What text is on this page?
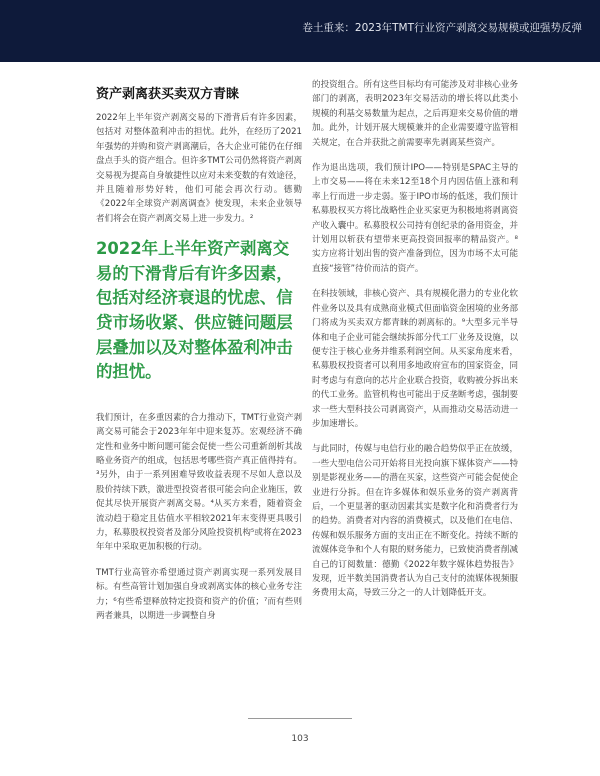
卷土重来：2023年TMT行业资产剥离交易规模或迎强势反弹
资产剥离获买卖双方青睐

2022年上半年资产剥离交易的下滑背后有许多因素，包括对 对整体盈利冲击的担忧。此外，在经历了2021年强势的并购和资产剥离潮后，各大企业可能仍在仔细盘点手头的资产组合。但许多TMT公司仍然将资产剥离交易视为提高自身敏捷性以应对未来变数的有效途径，并且随着形势好转，他们可能会再次行动。德勤《2022年全球资产剥离调查》使发现，未来企业领导者们将会在资产剥离交易上进一步发力。²

2022年上半年资产剥离交易的下滑背后有许多因素，包括对经济衰退的忧虑、信贷市场收紧、供应链问题层层叠加以及对整体盈利冲击的担忧。

我们预计，在多重因素的合力推动下，TMT行业资产剥离交易可能会于2023年年中迎来复苏。宏观经济不确定性和业务中断问题可能会促使一些公司重新剖析其战略业务资产的组成，包括思考哪些资产真正值得持有。³另外，由于一系列困难导致收益表现不尽如人意以及股价持续下跌，激进型投资者很可能会向企业施压，敦促其尽快开展资产剥离交易。⁴从买方来看，随着资金流动趋于稳定且估值水平相较2021年末变得更具吸引力，私募股权投资者及部分风险投资机构⁵或将在2023年年中采取更加积极的行动。

TMT行业高管亦希望通过资产剥离实现一系列发展目标。有些高管计划加强自身或剥离实体的核心业务专注力；⁶有些希望释放特定投资和资产的价值；⁷而有些则两者兼具，以期进一步调整自身

的投资组合。所有这些目标均有可能涉及对非核心业务部门的剥离，表明2023年交易活动的增长将以此类小规模的利基交易数量为起点，之后再迎来交易价值的增加。此外，计划开展大规模兼并的企业需要遵守监管相关规定，在合并获批之前需要率先剥离某些资产。

作为退出选项，我们预计IPO——特别是SPAC主导的上市交易——将在未来12至18个月内因估值上涨和利率上行而进一步走弱。鉴于IPO市场的低迷，我们预计私募股权买方将比战略性企业买家更为积极地将剥离资产收入囊中。私募股权公司持有创纪录的备用资金，并计划用以斩获有望带来更高投资回报率的精品资产。⁸实方应将计划出售的资产准备到位，因为市场不太可能直接“接管”待价而沽的资产。

在科技领域，非核心资产、具有规模化潜力的专业化软件业务以及具有成熟商业模式但面临资金困境的业务部门将成为买卖双方都青睐的剥离标的。⁹大型多元半导体和电子企业可能会继续拆部分代工厂业务及设施，以便专注于核心业务并维系利润空间。从买家角度来看，私募股权投资者可以利用多地政府宣布的国家资金，同时考虑与有意向的芯片企业联合投资，收购被分拆出来的代工业务。监管机构也可能出于反垄断考虑，强制要求一些大型科技公司剥离资产，从而推动交易活动进一步加速增长。

与此同时，传媒与电信行业的融合趋势似乎正在放缓，一些大型电信公司开始将目光投向旗下媒体资产——特别是影视业务——的潜在买家，这些资产可能会促使企业进行分拆。但在许多媒体和娱乐业务的资产剥离背后，一个更显著的驱动因素其实是数字化和消费者行为的趋势。消费者对内容的消费模式，以及他们在电信、传媒和娱乐服务方面的支出正在不断变化。持续不断的流媒体竞争和个人有限的财务能力，已致使消费者削减自己的订阅数量：德勤《2022年数字媒体趋势报告》发现，近半数美国消费者认为自己支付的流媒体视频服务费用太高，导致三分之一的人计划降低开支。

103
